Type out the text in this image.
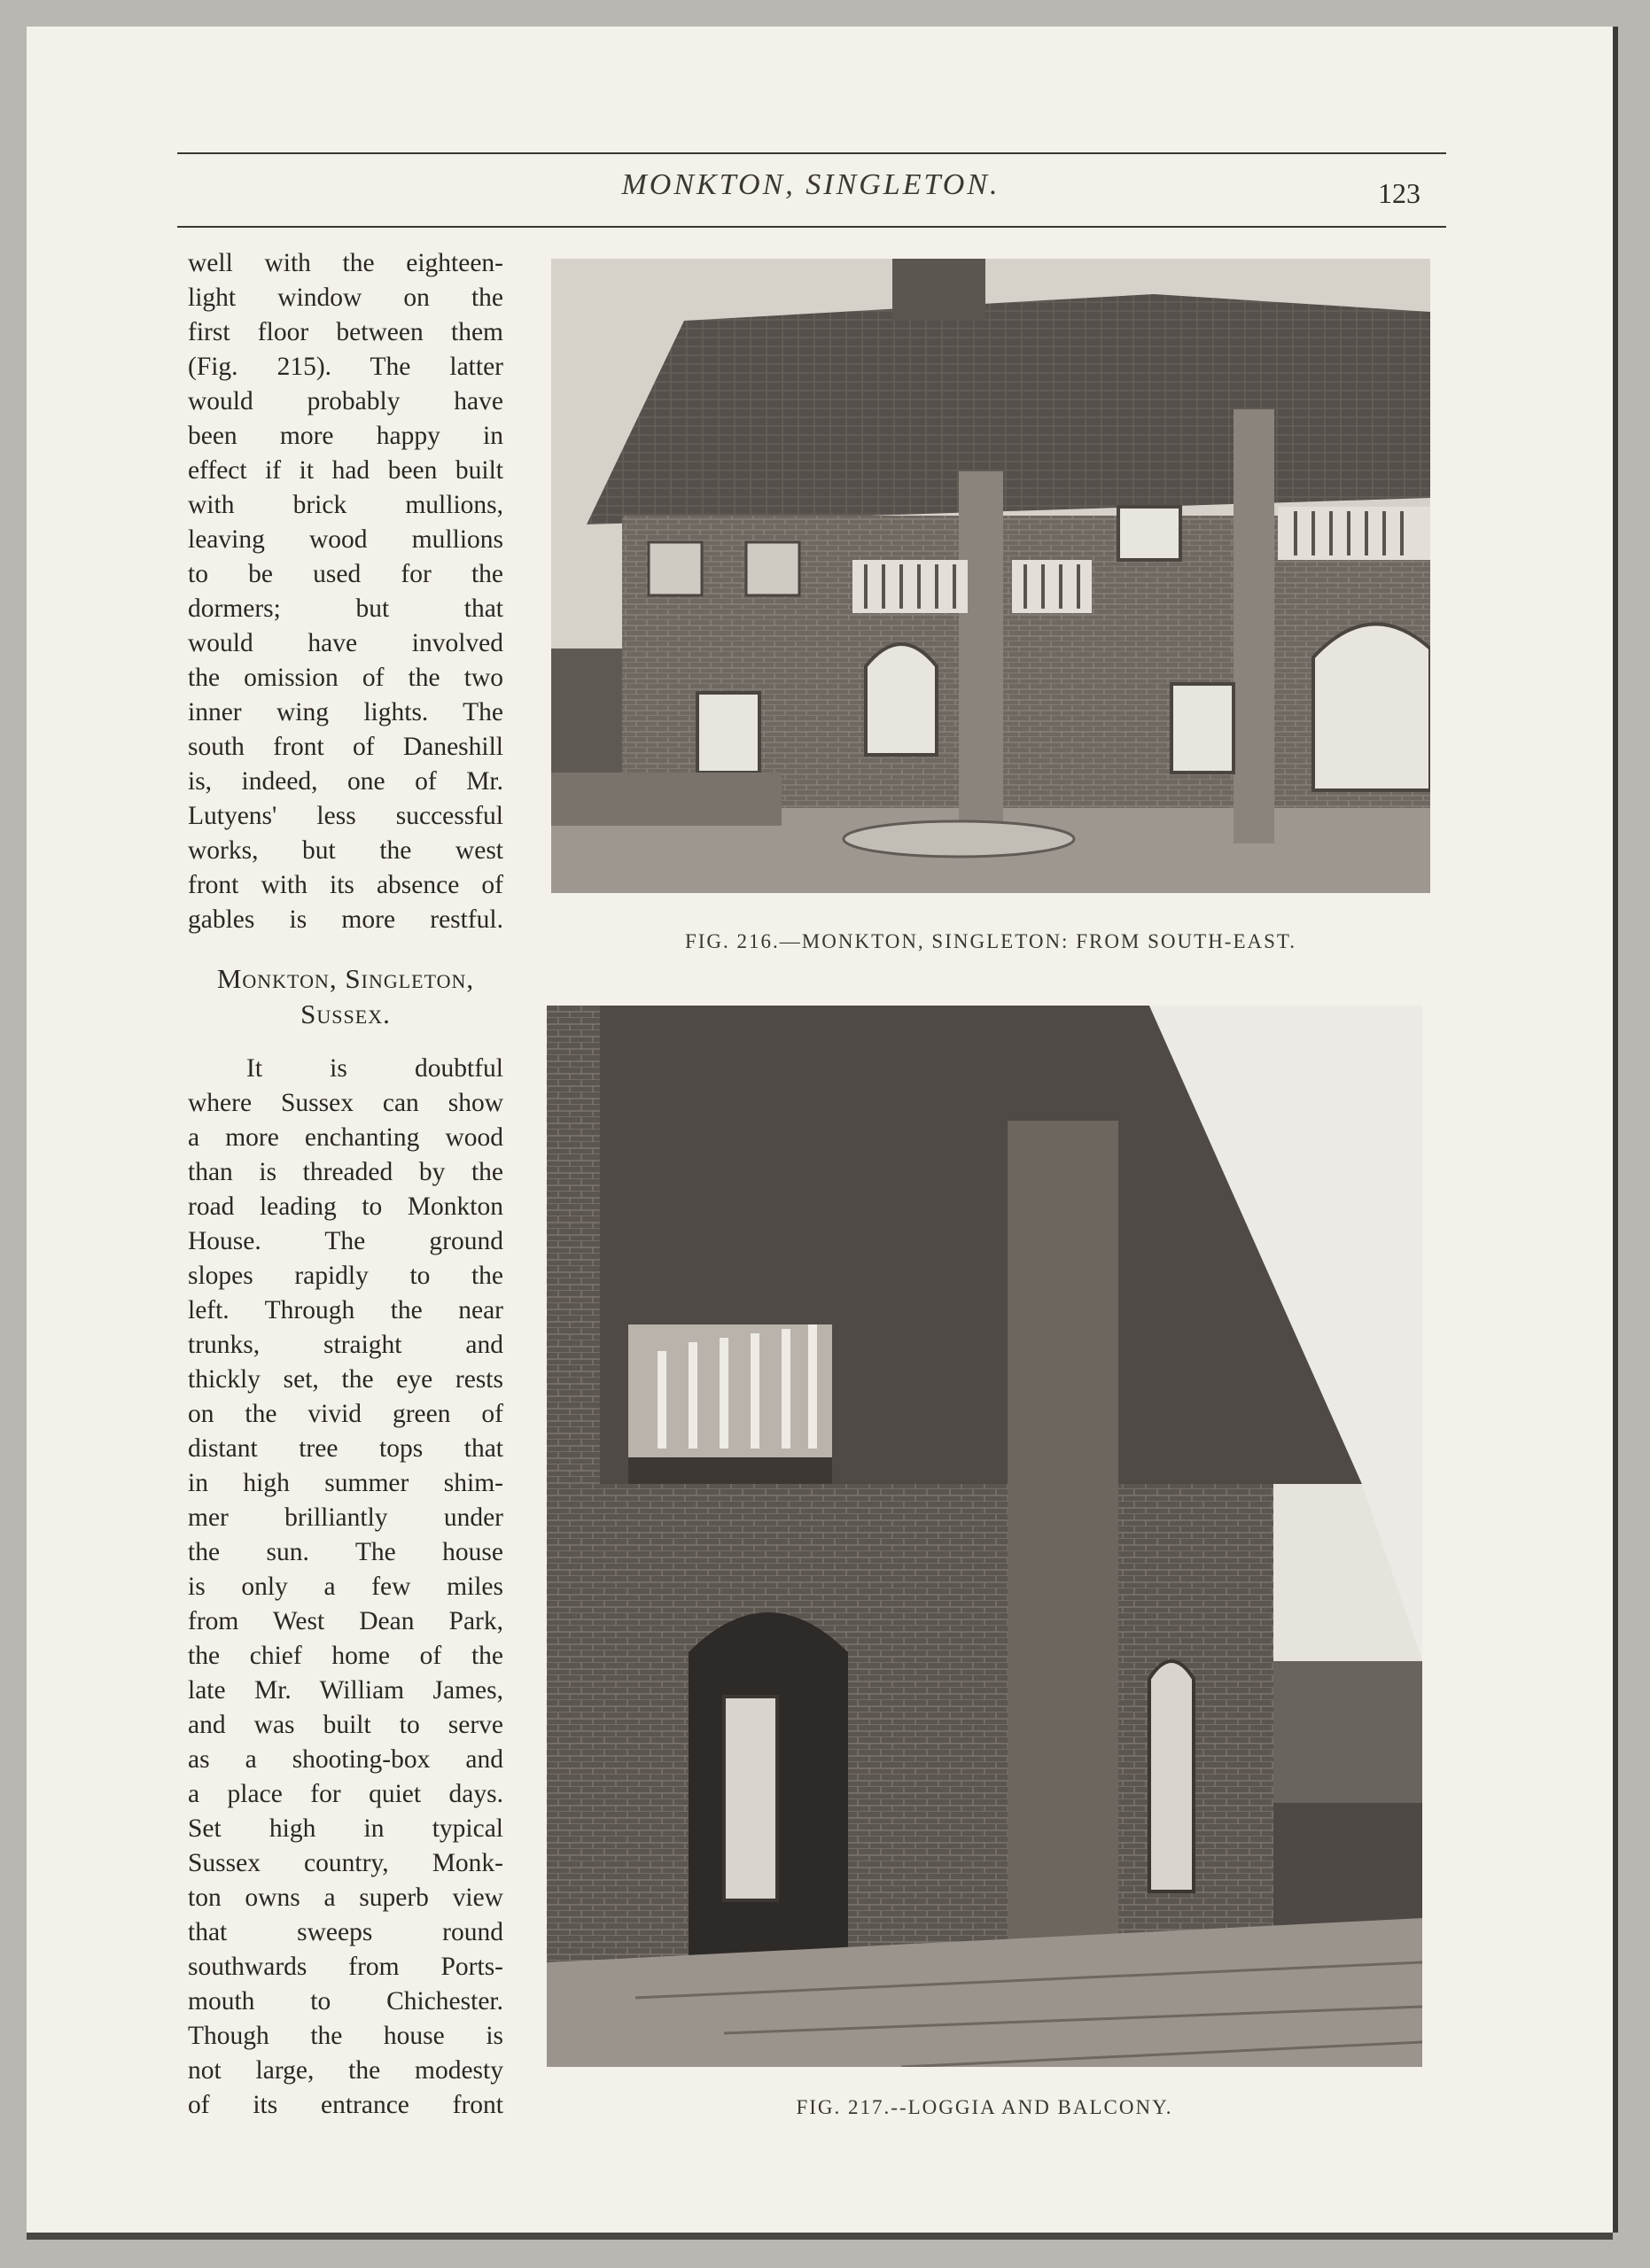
MONKTON, SINGLETON.	123

well with the eighteen-

light window on the

first floor between them

(Fig. 215). The latter

would probably have

been more happy in

effect if it had been built

with brick mullions,

leaving wood mullions

to be used for the

dormers; but that

would have involved

the omission of the two

inner wing lights. The

south front of Daneshill

is, indeed, one of Mr.

Lutyens' less successful

works, but the west

front with its absence of

gables is more restful.

Monkton, Singleton,
Sussex.

It is doubtful

where Sussex can show

a more enchanting wood

than is threaded by the

road leading to Monkton

House. The ground

slopes rapidly to the

left. Through the near

trunks, straight and

thickly set, the eye rests

on the vivid green of

distant tree tops that

in high summer shim-

mer brilliantly under

the sun. The house

is only a few miles

from West Dean Park,

the chief home of the

late Mr. William James,

and was built to serve

as a shooting-box and

a place for quiet days.

Set high in typical

Sussex country, Monk-

ton owns a superb view

that sweeps round

southwards from Ports-

mouth to Chichester.

Though the house is

not large, the modesty

of its entrance front

FIG. 216.—MONKTON, SINGLETON: FROM SOUTH-EAST.
FIG. 217.--LOGGIA AND BALCONY.
